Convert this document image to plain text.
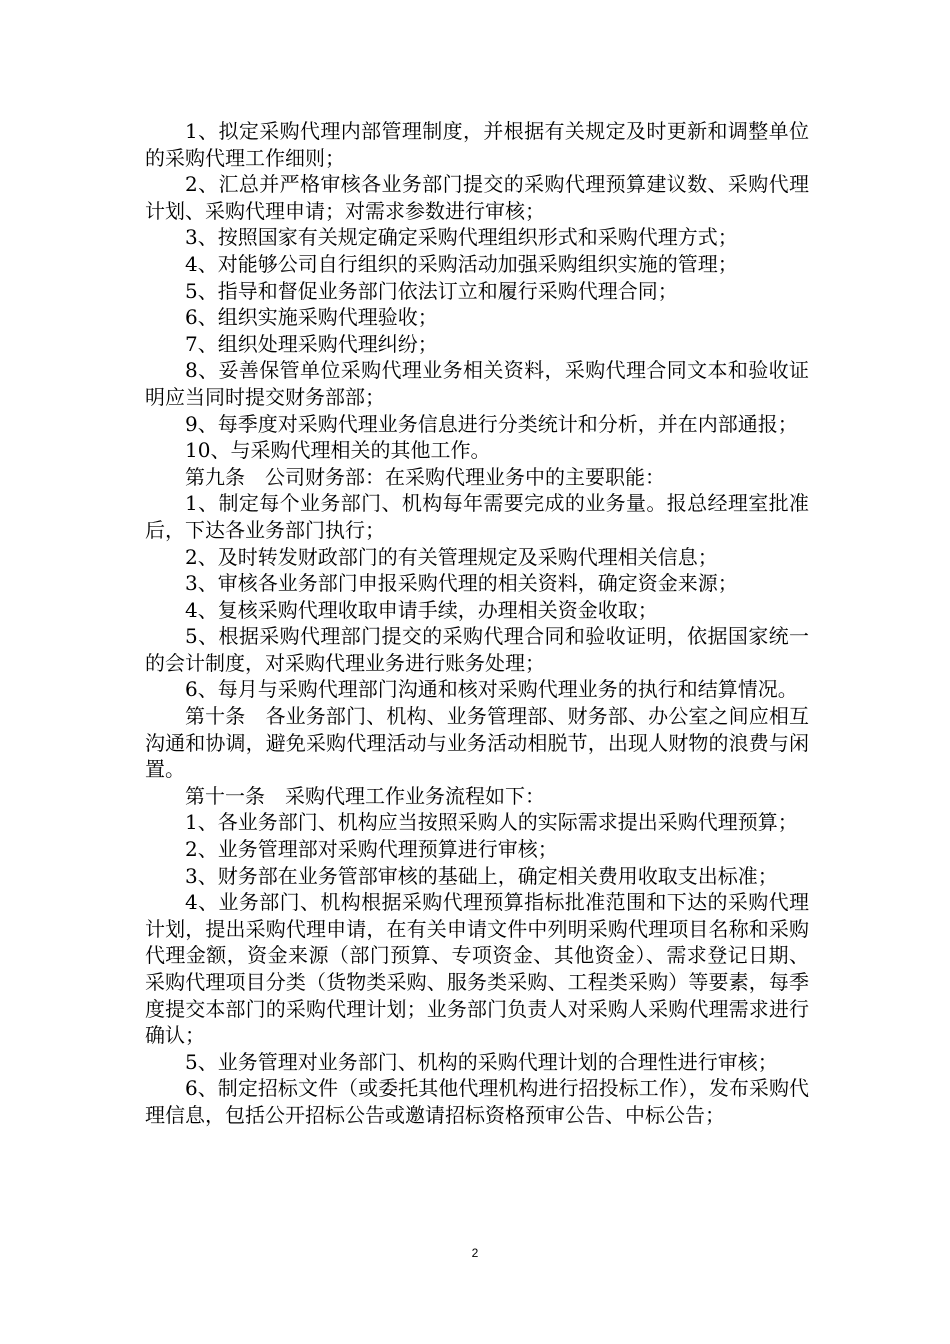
1、拟定采购代理内部管理制度，并根据有关规定及时更新和调整单位的采购代理工作细则；

2、汇总并严格审核各业务部门提交的采购代理预算建议数、采购代理计划、采购代理申请；对需求参数进行审核；

3、按照国家有关规定确定采购代理组织形式和采购代理方式；

4、对能够公司自行组织的采购活动加强采购组织实施的管理；

5、指导和督促业务部门依法订立和履行采购代理合同；

6、组织实施采购代理验收；

7、组织处理采购代理纠纷；

8、妥善保管单位采购代理业务相关资料，采购代理合同文本和验收证明应当同时提交财务部部；

9、每季度对采购代理业务信息进行分类统计和分析，并在内部通报；

10、与采购代理相关的其他工作。

第九条　公司财务部：在采购代理业务中的主要职能：

1、制定每个业务部门、机构每年需要完成的业务量。报总经理室批准后，下达各业务部门执行；

2、及时转发财政部门的有关管理规定及采购代理相关信息；

3、审核各业务部门申报采购代理的相关资料，确定资金来源；

4、复核采购代理收取申请手续，办理相关资金收取；

5、根据采购代理部门提交的采购代理合同和验收证明，依据国家统一的会计制度，对采购代理业务进行账务处理；

6、每月与采购代理部门沟通和核对采购代理业务的执行和结算情况。

第十条　各业务部门、机构、业务管理部、财务部、办公室之间应相互沟通和协调，避免采购代理活动与业务活动相脱节，出现人财物的浪费与闲置。

第十一条　采购代理工作业务流程如下：

1、各业务部门、机构应当按照采购人的实际需求提出采购代理预算；

2、业务管理部对采购代理预算进行审核；

3、财务部在业务管部审核的基础上，确定相关费用收取支出标准；

4、业务部门、机构根据采购代理预算指标批准范围和下达的采购代理计划，提出采购代理申请，在有关申请文件中列明采购代理项目名称和采购代理金额，资金来源（部门预算、专项资金、其他资金）、需求登记日期、采购代理项目分类（货物类采购、服务类采购、工程类采购）等要素，每季度提交本部门的采购代理计划；业务部门负责人对采购人采购代理需求进行确认；

5、业务管理对业务部门、机构的采购代理计划的合理性进行审核；

6、制定招标文件（或委托其他代理机构进行招投标工作），发布采购代理信息，包括公开招标公告或邀请招标资格预审公告、中标公告；

2
